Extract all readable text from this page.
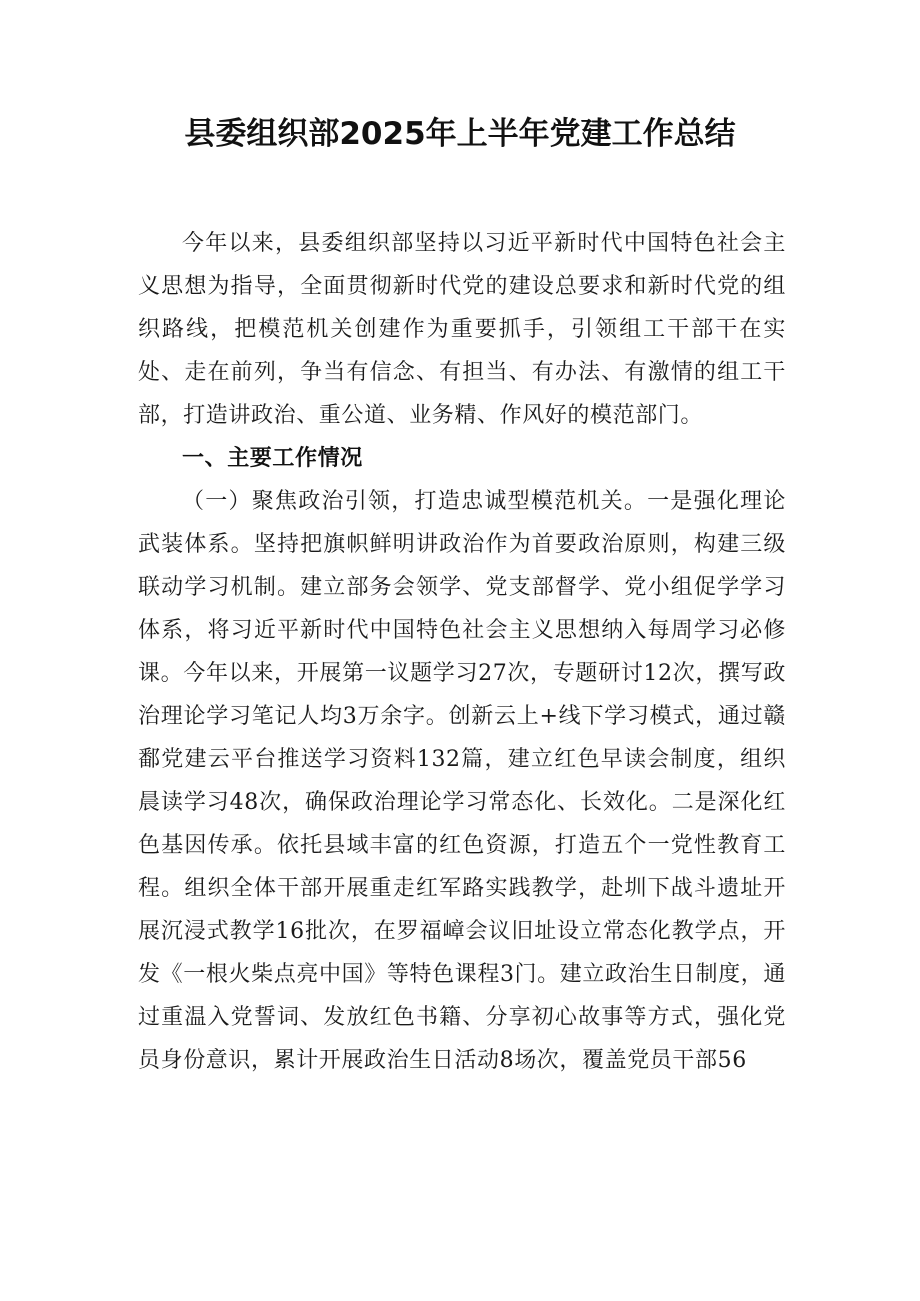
县委组织部2025年上半年党建工作总结

今年以来，县委组织部坚持以习近平新时代中国特色社会主义思想为指导，全面贯彻新时代党的建设总要求和新时代党的组织路线，把模范机关创建作为重要抓手，引领组工干部干在实处、走在前列，争当有信念、有担当、有办法、有激情的组工干部，打造讲政治、重公道、业务精、作风好的模范部门。

一、主要工作情况

（一）聚焦政治引领，打造忠诚型模范机关。一是强化理论武装体系。坚持把旗帜鲜明讲政治作为首要政治原则，构建三级联动学习机制。建立部务会领学、党支部督学、党小组促学学习体系，将习近平新时代中国特色社会主义思想纳入每周学习必修课。今年以来，开展第一议题学习27次，专题研讨12次，撰写政治理论学习笔记人均3万余字。创新云上+线下学习模式，通过赣鄱党建云平台推送学习资料132篇，建立红色早读会制度，组织晨读学习48次，确保政治理论学习常态化、长效化。二是深化红色基因传承。依托县域丰富的红色资源，打造五个一党性教育工程。组织全体干部开展重走红军路实践教学，赴圳下战斗遗址开展沉浸式教学16批次，在罗福嶂会议旧址设立常态化教学点，开发《一根火柴点亮中国》等特色课程3门。建立政治生日制度，通过重温入党誓词、发放红色书籍、分享初心故事等方式，强化党员身份意识，累计开展政治生日活动8场次，覆盖党员干部56
